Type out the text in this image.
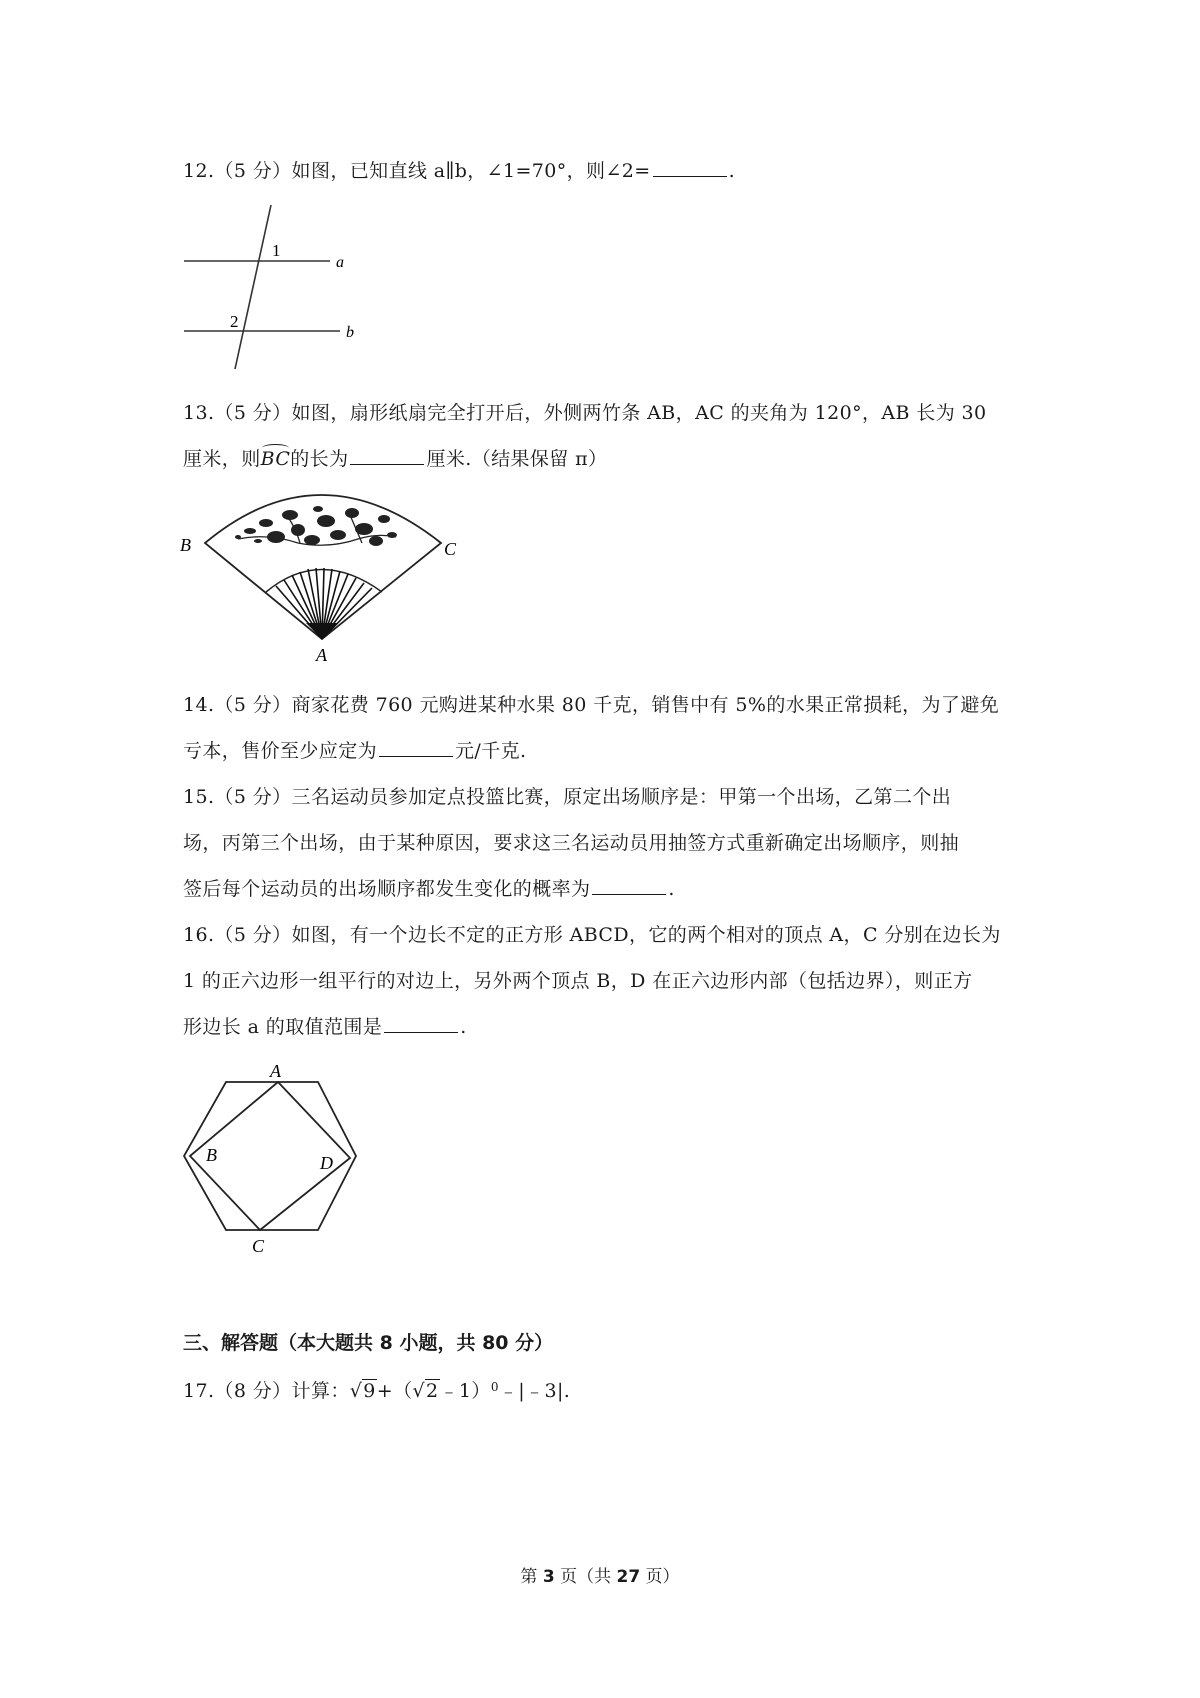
12.（5 分）如图，已知直线 a∥b，∠1=70°，则∠2=	.
1
2
a
b
13.（5 分）如图，扇形纸扇完全打开后，外侧两竹条 AB，AC 的夹角为 120°，AB 长为 30
厘米，则BC的长为	厘米.（结果保留 π）
B	C
A
14.（5 分）商家花费 760 元购进某种水果 80 千克，销售中有 5%的水果正常损耗，为了避免
亏本，售价至少应定为	元/千克.
15.（5 分）三名运动员参加定点投篮比赛，原定出场顺序是：甲第一个出场，乙第二个出
场，丙第三个出场，由于某种原因，要求这三名运动员用抽签方式重新确定出场顺序，则抽
签后每个运动员的出场顺序都发生变化的概率为	.
16.（5 分）如图，有一个边长不定的正方形 ABCD，它的两个相对的顶点 A，C 分别在边长为
1 的正六边形一组平行的对边上，另外两个顶点 B，D 在正六边形内部（包括边界），则正方
形边长 a 的取值范围是	.
A
B	D
C
三、解答题（本大题共 8 小题，共 80 分）
17.（8 分）计算：√9+（√2﹣1）$^0$﹣|﹣3|.
第 3 页（共 27 页）
